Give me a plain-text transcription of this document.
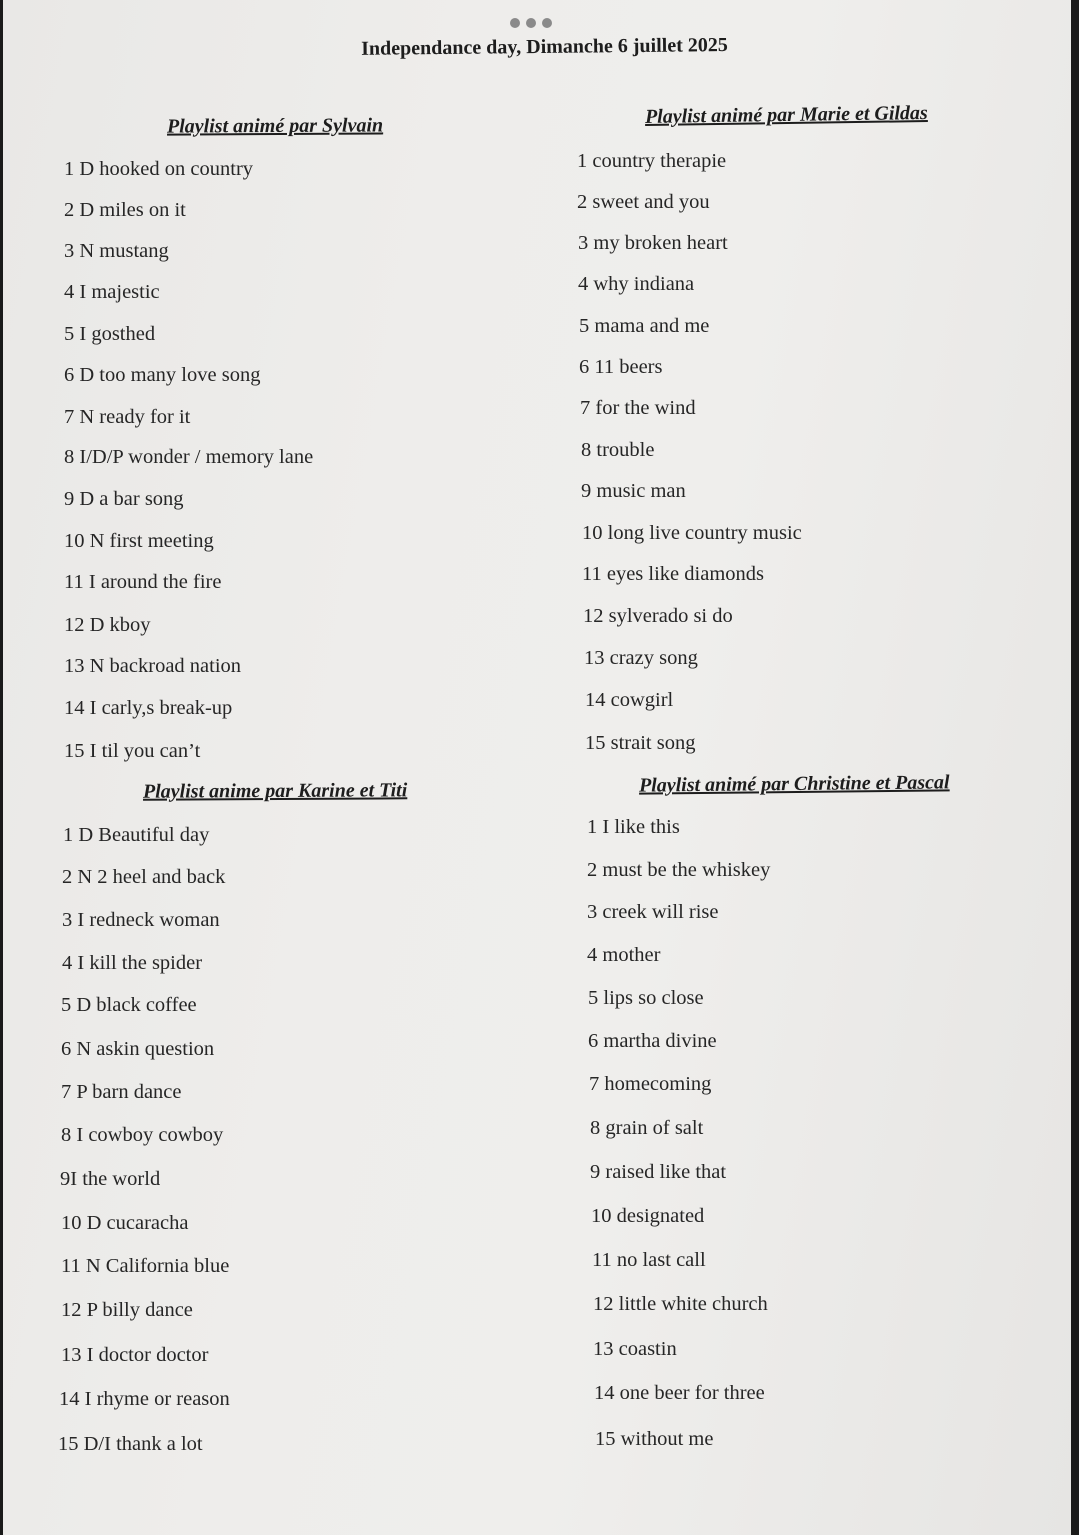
Independance day, Dimanche 6 juillet 2025
Playlist animé par Sylvain
1 D hooked on country
2 D miles on it
3 N mustang
4 I majestic
5 I gosthed
6 D too many love song
7 N ready for it
8 I/D/P wonder / memory lane
9 D a bar song
10 N first meeting
11 I around the fire
12 D kboy
13 N backroad nation
14 I carly,s break-up
15 I til you can’t
Playlist animé par Marie et Gildas
1 country therapie
2 sweet and you
3 my broken heart
4 why indiana
5 mama and me
6 11 beers
7 for the wind
8 trouble
9 music man
10 long live country music
11 eyes like diamonds
12 sylverado si do
13 crazy song
14 cowgirl
15 strait song
Playlist anime par Karine et Titi
1 D Beautiful day
2 N 2 heel and back
3 I redneck woman
4 I kill the spider
5 D black coffee
6 N askin question
7 P barn dance
8 I cowboy cowboy
9I the world
10 D cucaracha
11 N California blue
12 P billy dance
13 I doctor doctor
14 I rhyme or reason
15 D/I thank a lot
Playlist animé par Christine et Pascal
1 I like this
2 must be the whiskey
3 creek will rise
4 mother
5 lips so close
6 martha divine
7 homecoming
8 grain of salt
9 raised like that
10 designated
11 no last call
12 little white church
13 coastin
14 one beer for three
15 without me
